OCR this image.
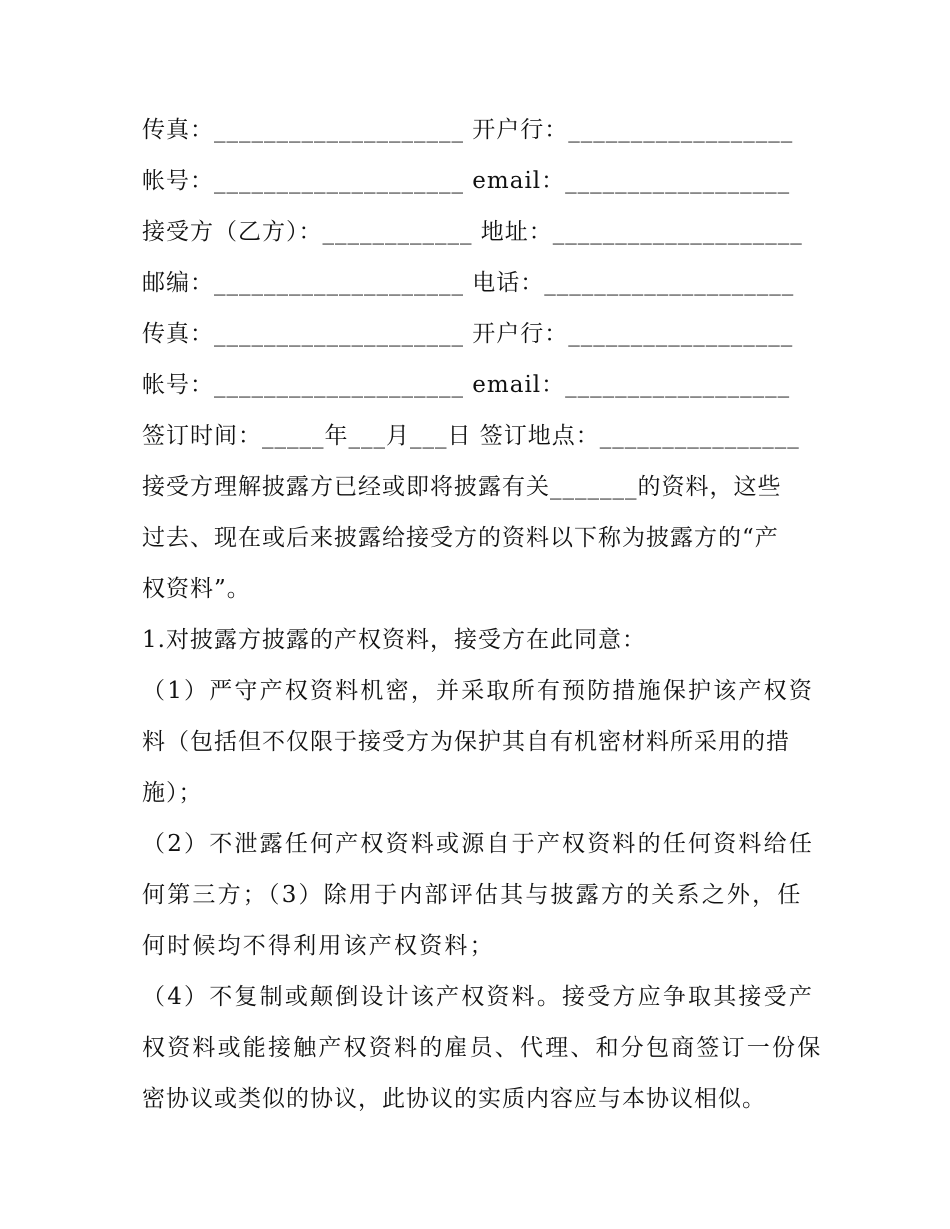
传真：____________________ 开户行：__________________
帐号：____________________ email：__________________
接受方（乙方）：____________ 地址：____________________
邮编：____________________ 电话：____________________
传真：____________________ 开户行：__________________
帐号：____________________ email：__________________
签订时间：_____年___月___日 签订地点：________________
接受方理解披露方已经或即将披露有关_______的资料，这些
过去、现在或后来披露给接受方的资料以下称为披露方的“产
权资料”。
1.对披露方披露的产权资料，接受方在此同意：
（1）严守产权资料机密，并采取所有预防措施保护该产权资
料（包括但不仅限于接受方为保护其自有机密材料所采用的措
施）；
（2）不泄露任何产权资料或源自于产权资料的任何资料给任
何第三方；（3）除用于内部评估其与披露方的关系之外，任
何时候均不得利用该产权资料；
（4）不复制或颠倒设计该产权资料。接受方应争取其接受产
权资料或能接触产权资料的雇员、代理、和分包商签订一份保
密协议或类似的协议，此协议的实质内容应与本协议相似。
